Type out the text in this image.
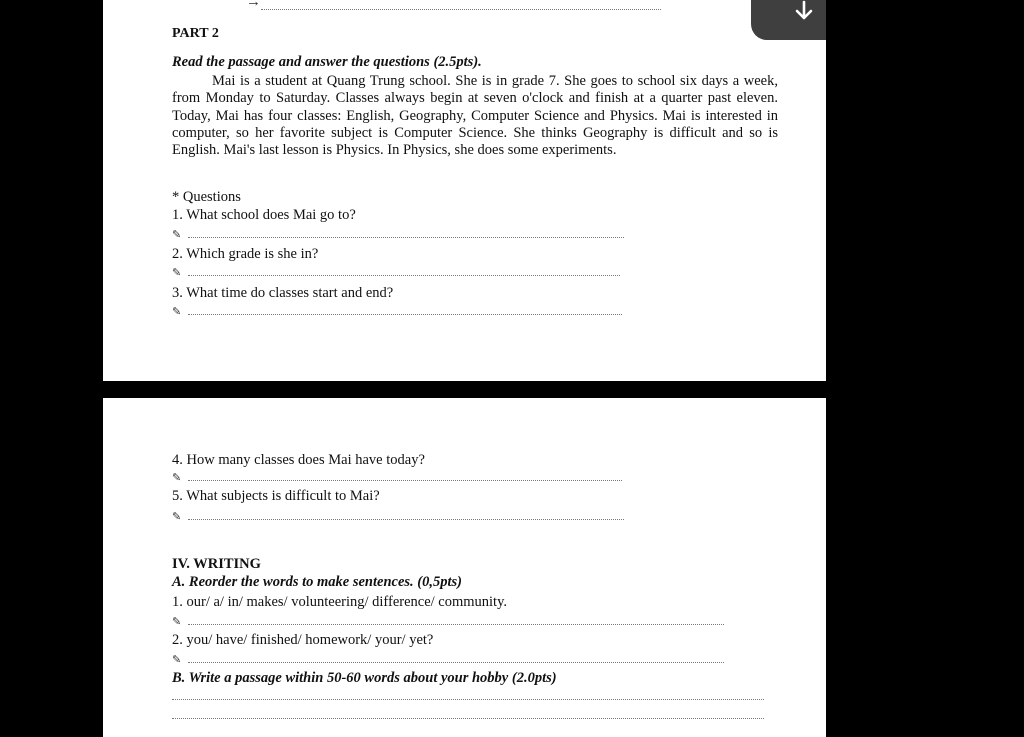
→
PART 2
Read the passage and answer the questions (2.5pts).

Mai is a student at Quang Trung school. She is in grade 7. She goes to school six days a week, from Monday to Saturday. Classes always begin at seven o'clock and finish at a quarter past eleven. Today, Mai has four classes: English, Geography, Computer Science and Physics. Mai is interested in computer, so her favorite subject is Computer Science. She thinks Geography is difficult and so is English. Mai's last lesson is Physics. In Physics, she does some experiments.

* Questions
1. What school does Mai go to?
✎
2. Which grade is she in?
✎
3. What time do classes start and end?
✎
4. How many classes does Mai have today?
✎
5. What subjects is difficult to Mai?
✎
IV. WRITING
A. Reorder the words to make sentences. (0,5pts)
1. our/ a/ in/ makes/ volunteering/ difference/ community.
✎
2. you/ have/ finished/ homework/ your/ yet?
✎
B. Write a passage within 50-60 words about your hobby (2.0pts)
